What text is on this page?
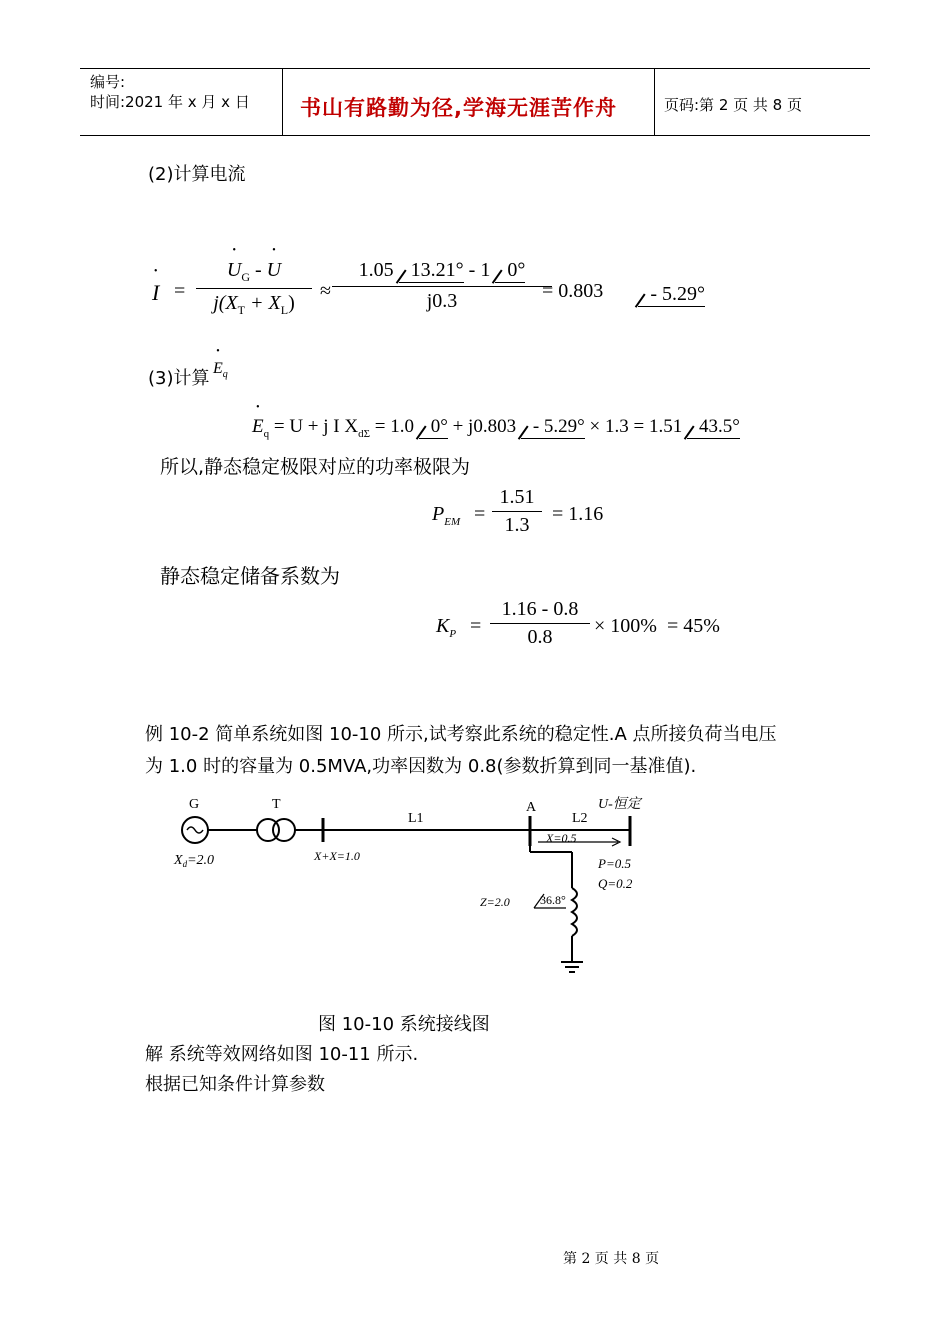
编号:
时间:2021 年 x 月 x 日 书山有路勤为径,学海无涯苦作舟	页码:第 2 页 共 8 页
(2)计算电流
• I =
• $U_G$ - • U
$j(X_T + X_L)$
≈
1.05 13.21° - 1 0°
j0.3	= 0.803 - 5.29°
(3)计算 • $E_q$
• $E_q = U + j$ I $X_{d\Sigma} = 1.0$ 0° + j0.803 - 5.29° × 1.3 = 1.51 43.5°
所以,静态稳定极限对应的功率极限为
$P_{EM} = \frac{1.51}{1.3} = 1.16$
静态稳定储备系数为
$K_P = \frac{1.16 - 0.8}{0.8} \times 100\% = 45\%$
例 10-2 简单系统如图 10-10 所示,试考察此系统的稳定性.A 点所接负荷当电压
为 1.0 时的容量为 0.5MVA,功率因数为 0.8(参数折算到同一基准值).
G	T
L1
A
L2
U-恒定
$X_d=2.0$	X+X=1.0
X=0.5
P=0.5
Q=0.2
Z=2.0	36.8°
图 10-10 系统接线图
解 系统等效网络如图 10-11 所示.
根据已知条件计算参数
第 2 页 共 8 页
